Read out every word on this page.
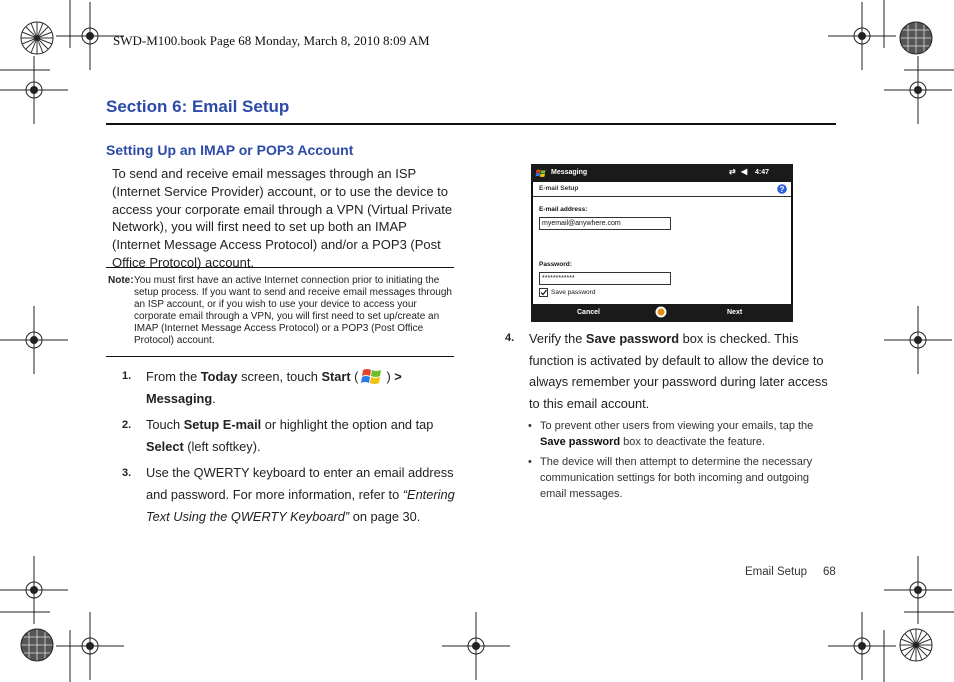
SWD-M100.book Page 68 Monday, March 8, 2010 8:09 AM
Section 6: Email Setup
Setting Up an IMAP or POP3 Account
To send and receive email messages through an ISP (Internet Service Provider) account, or to use the device to access your corporate email through a VPN (Virtual Private Network), you will first need to set up both an IMAP (Internet Message Access Protocol) and/or a POP3 (Post Office Protocol) account.
Note: You must first have an active Internet connection prior to initiating the setup process. If you want to send and receive email messages through an ISP account, or if you wish to use your device to access your corporate email through a VPN, you will first need to set up/create an IMAP (Internet Message Access Protocol) or a POP3 (Post Office Protocol) account.
1. From the Today screen, touch Start ( ) > Messaging.
2. Touch Setup E-mail or highlight the option and tap Select (left softkey).
3. Use the QWERTY keyboard to enter an email address and password. For more information, refer to “Entering Text Using the QWERTY Keyboard” on page 30.
Messaging	⇄ ◀ 4:47
E-mail Setup	?
E-mail address:
myemail@anywhere.com
Password:
************
Save password
Cancel	Next
4. Verify the Save password box is checked. This function is activated by default to allow the device to always remember your password during later access to this email account.
• To prevent other users from viewing your emails, tap the Save password box to deactivate the feature.
• The device will then attempt to determine the necessary communication settings for both incoming and outgoing email messages.
Email Setup 68
